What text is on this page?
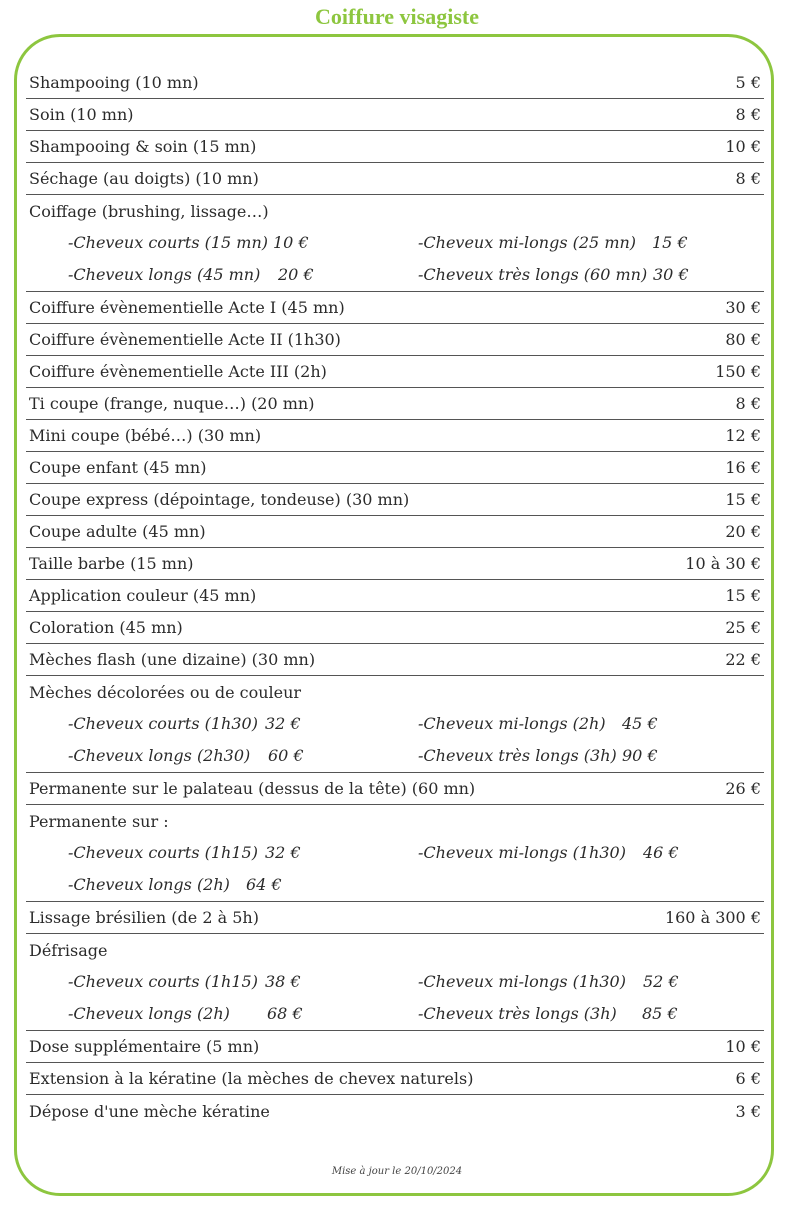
Coiffure visagiste
Shampooing (10 mn)	5 €
Soin (10 mn)	8 €
Shampooing & soin (15 mn)	10 €
Séchage (au doigts) (10 mn)	8 €
Coiffage (brushing, lissage…)
-Cheveux courts (15 mn) 10 €	-Cheveux mi-longs (25 mn) 15 €
-Cheveux longs (45 mn) 20 €	-Cheveux très longs (60 mn) 30 €
Coiffure évènementielle Acte I (45 mn)	30 €
Coiffure évènementielle Acte II (1h30)	80 €
Coiffure évènementielle Acte III (2h)	150 €
Ti coupe (frange, nuque…) (20 mn)	8 €
Mini coupe (bébé…) (30 mn)	12 €
Coupe enfant (45 mn)	16 €
Coupe express (dépointage, tondeuse) (30 mn)	15 €
Coupe adulte (45 mn)	20 €
Taille barbe (15 mn)	10 à 30 €
Application couleur (45 mn)	15 €
Coloration (45 mn)	25 €
Mèches flash (une dizaine) (30 mn)	22 €
Mèches décolorées ou de couleur
-Cheveux courts (1h30) 32 €	-Cheveux mi-longs (2h) 45 €
-Cheveux longs (2h30) 60 €	-Cheveux très longs (3h) 90 €
Permanente sur le palateau (dessus de la tête) (60 mn)	26 €
Permanente sur :
-Cheveux courts (1h15) 32 €	-Cheveux mi-longs (1h30) 46 €
-Cheveux longs (2h) 64 €
Lissage brésilien (de 2 à 5h)	160 à 300 €
Défrisage
-Cheveux courts (1h15) 38 €	-Cheveux mi-longs (1h30) 52 €
-Cheveux longs (2h) 68 €	-Cheveux très longs (3h) 85 €
Dose supplémentaire (5 mn)	10 €
Extension à la kératine (la mèches de chevex naturels)	6 €
Dépose d'une mèche kératine	3 €
Mise à jour le 20/10/2024
